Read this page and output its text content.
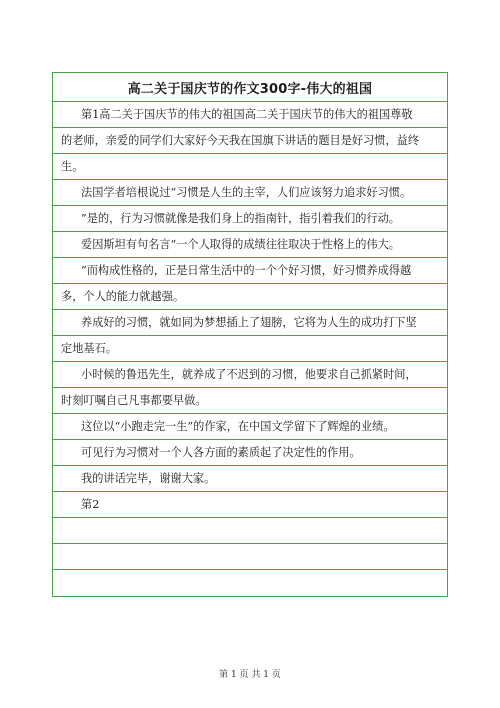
高二关于国庆节的作文300字-伟大的祖国
第1高二关于国庆节的伟大的祖国高二关于国庆节的伟大的祖国尊敬
的老师，亲爱的同学们大家好今天我在国旗下讲话的题目是好习惯，益终
生。
法国学者培根说过“习惯是人生的主宰，人们应该努力追求好习惯。
”是的，行为习惯就像是我们身上的指南针，指引着我们的行动。
爱因斯坦有句名言“一个人取得的成绩往往取决于性格上的伟大。
”而构成性格的，正是日常生活中的一个个好习惯，好习惯养成得越
多，个人的能力就越强。
养成好的习惯，就如同为梦想插上了翅膀，它将为人生的成功打下坚
定地基石。
小时候的鲁迅先生，就养成了不迟到的习惯，他要求自己抓紧时间，
时刻叮嘱自己凡事都要早做。
这位以“小跑走完一生”的作家，在中国文学留下了辉煌的业绩。
可见行为习惯对一个人各方面的素质起了决定性的作用。
我的讲话完毕，谢谢大家。
第2
第 1 页 共 1 页
